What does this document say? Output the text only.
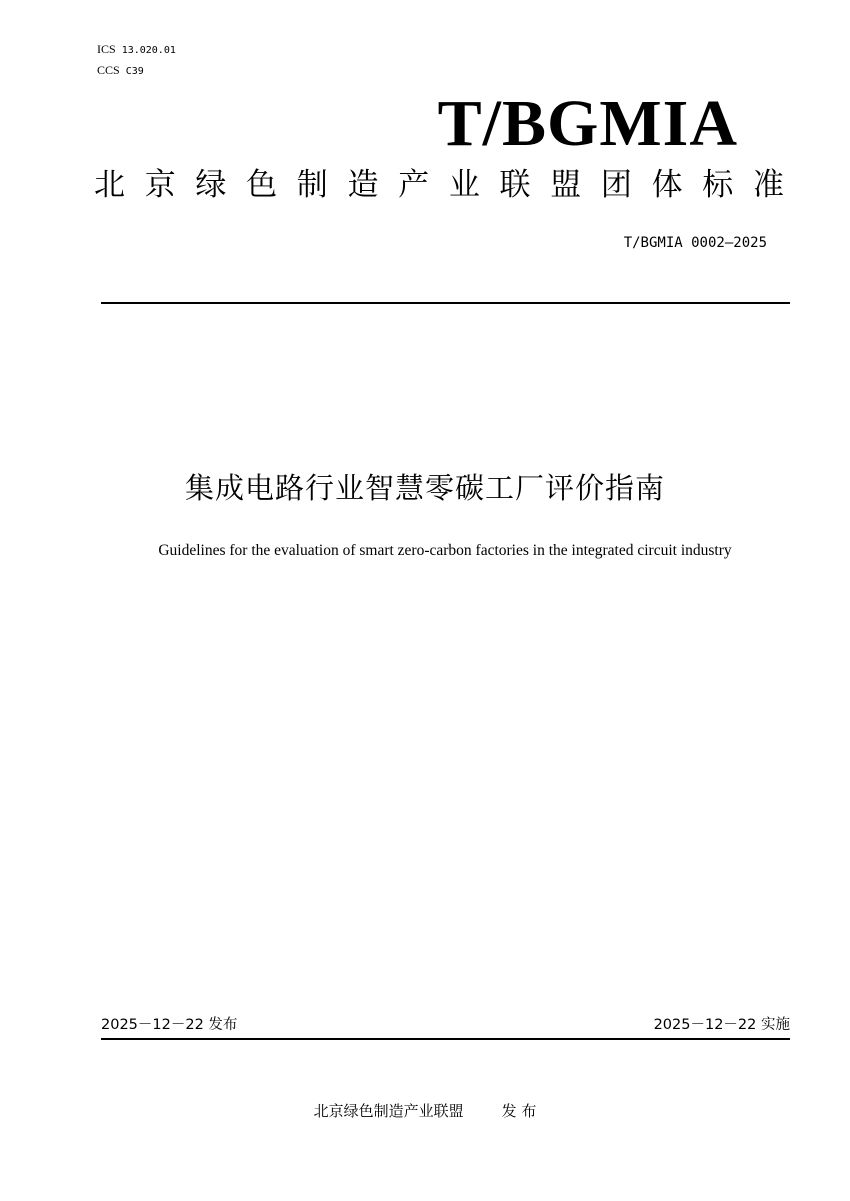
ICS 13.020.01
CCS C39
T/BGMIA
北 京 绿 色 制 造 产 业 联 盟 团 体 标 准
T/BGMIA 0002—2025
集成电路行业智慧零碳工厂评价指南
Guidelines for the evaluation of smart zero-carbon factories in the integrated circuit industry
2025－12－22 发布	2025－12－22 实施
北京绿色制造产业联盟	发 布
